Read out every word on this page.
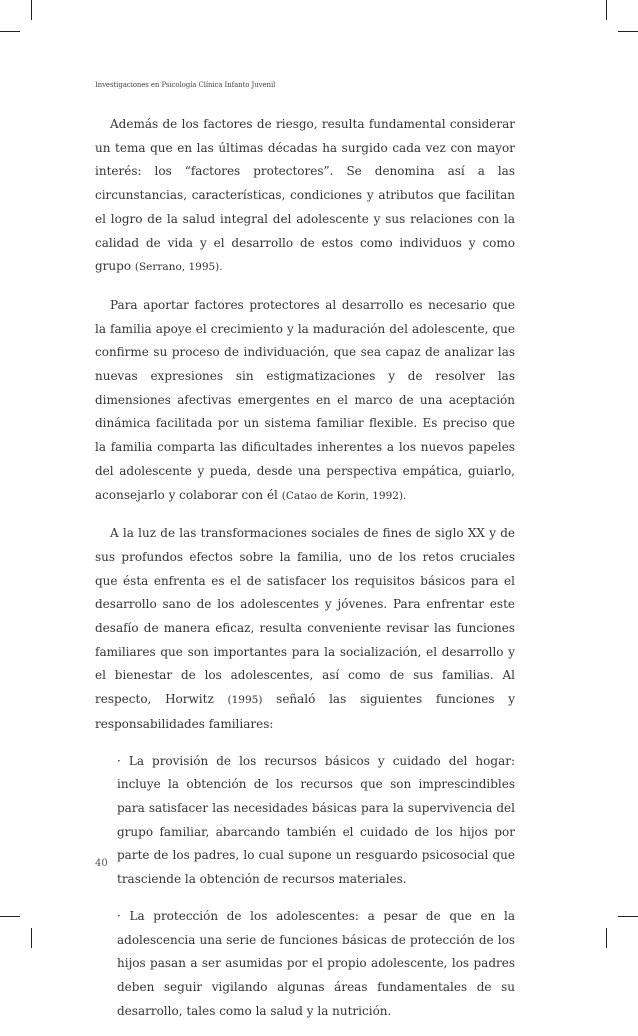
Investigaciones en Psicología Clínica Infanto Juvenil

Además de los factores de riesgo, resulta fundamental considerar un tema que en las últimas décadas ha surgido cada vez con mayor interés: los “factores protectores”. Se denomina así a las circunstancias, características, condiciones y atributos que facilitan el logro de la salud integral del adolescente y sus relaciones con la calidad de vida y el desarrollo de estos como individuos y como grupo (Serrano, 1995).

Para aportar factores protectores al desarrollo es necesario que la familia apoye el crecimiento y la maduración del adolescente, que confirme su proceso de individuación, que sea capaz de analizar las nuevas expresiones sin estigmatizaciones y de resolver las dimensiones afectivas emergentes en el marco de una aceptación dinámica facilitada por un sistema familiar flexible. Es preciso que la familia comparta las dificultades inherentes a los nuevos papeles del adolescente y pueda, desde una perspectiva empática, guiarlo, aconsejarlo y colaborar con él (Catao de Korin, 1992).

A la luz de las transformaciones sociales de fines de siglo XX y de sus profundos efectos sobre la familia, uno de los retos cruciales que ésta enfrenta es el de satisfacer los requisitos básicos para el desarrollo sano de los adolescentes y jóvenes. Para enfrentar este desafío de manera eficaz, resulta conveniente revisar las funciones familiares que son importantes para la socialización, el desarrollo y el bienestar de los adolescentes, así como de sus familias. Al respecto, Horwitz (1995) señaló las siguientes funciones y responsabilidades familiares:

· La provisión de los recursos básicos y cuidado del hogar: incluye la obtención de los recursos que son imprescindibles para satisfacer las necesidades básicas para la supervivencia del grupo familiar, abarcando también el cuidado de los hijos por parte de los padres, lo cual supone un resguardo psicosocial que trasciende la obtención de recursos materiales.

· La protección de los adolescentes: a pesar de que en la adolescencia una serie de funciones básicas de protección de los hijos pasan a ser asumidas por el propio adolescente, los padres deben seguir vigilando algunas áreas fundamentales de su desarrollo, tales como la salud y la nutrición.

40
